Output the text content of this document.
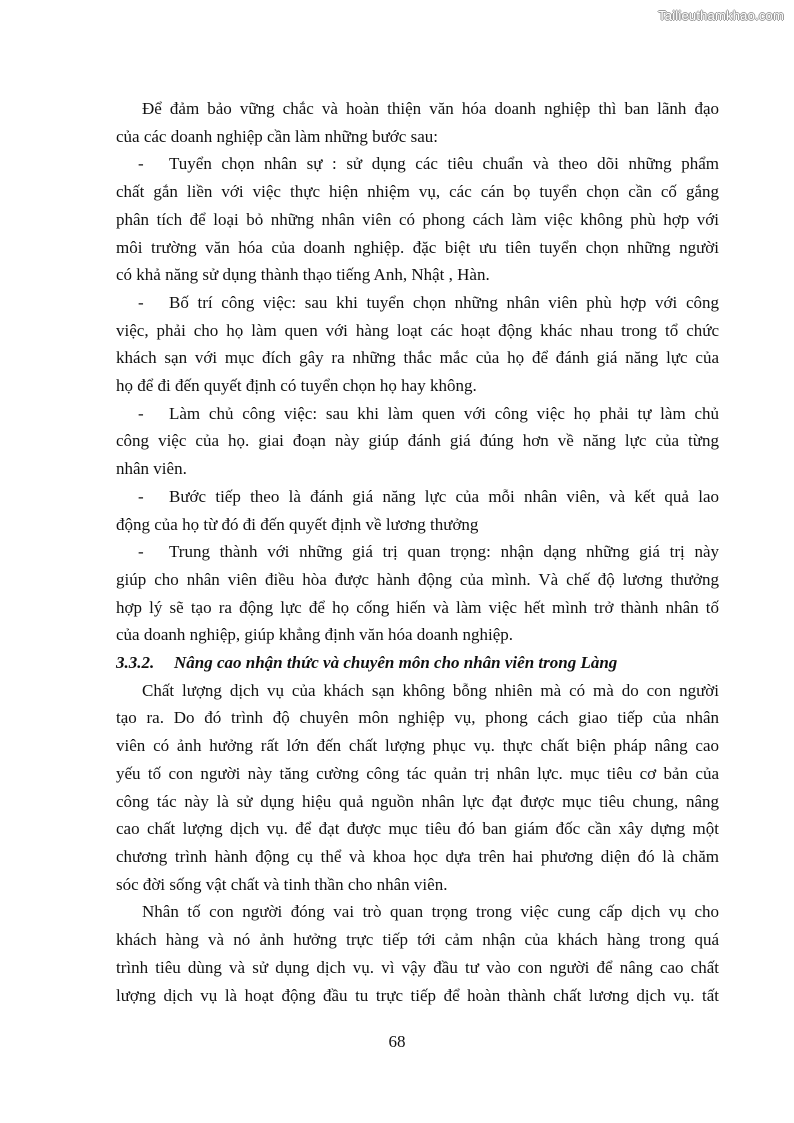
Tailieuthamkhao.com

Để đảm bảo vững chắc và hoàn thiện văn hóa doanh nghiệp thì ban lãnh đạo
của các doanh nghiệp cần làm những bước sau:

-	Tuyển chọn nhân sự : sử dụng các tiêu chuẩn và theo dõi những phẩm
chất gắn liền với việc thực hiện nhiệm vụ, các cán bọ tuyển chọn cần cố gắng
phân tích để loại bỏ những nhân viên có phong cách làm việc không phù hợp với
môi trường văn hóa của doanh nghiệp. đặc biệt ưu tiên tuyển chọn những người
có khả năng sử dụng thành thạo tiếng Anh, Nhật , Hàn.
-	Bố trí công việc: sau khi tuyển chọn những nhân viên phù hợp với công
việc, phải cho họ làm quen với hàng loạt các hoạt động khác nhau trong tổ chức
khách sạn với mục đích gây ra những thắc mắc của họ để đánh giá năng lực của
họ để đi đến quyết định có tuyển chọn họ hay không.
-	Làm chủ công việc: sau khi làm quen với công việc họ phải tự làm chủ
công việc của họ. giai đoạn này giúp đánh giá đúng hơn về năng lực của từng
nhân viên.
-	Bước tiếp theo là đánh giá năng lực của mỗi nhân viên, và kết quả lao
động của họ từ đó đi đến quyết định về lương thưởng
-	Trung thành với những giá trị quan trọng: nhận dạng những giá trị này
giúp cho nhân viên điều hòa được hành động của mình. Và chế độ lương thưởng
hợp lý sẽ tạo ra động lực để họ cống hiến và làm việc hết mình trở thành nhân tố
của doanh nghiệp, giúp khẳng định văn hóa doanh nghiệp.
3.3.2.	Nâng cao nhận thức và chuyên môn cho nhân viên trong Làng

Chất lượng dịch vụ của khách sạn không bỗng nhiên mà có mà do con người
tạo ra. Do đó trình độ chuyên môn nghiệp vụ, phong cách giao tiếp của nhân
viên có ảnh hưởng rất lớn đến chất lượng phục vụ. thực chất biện pháp nâng cao
yếu tố con người này tăng cường công tác quản trị nhân lực. mục tiêu cơ bản của
công tác này là sử dụng hiệu quả nguồn nhân lực đạt được mục tiêu chung, nâng
cao chất lượng dịch vụ. để đạt được mục tiêu đó ban giám đốc cần xây dựng một
chương trình hành động cụ thể và khoa học dựa trên hai phương diện đó là chăm
sóc đời sống vật chất và tinh thần cho nhân viên.

Nhân tố con người đóng vai trò quan trọng trong việc cung cấp dịch vụ cho
khách hàng và nó ảnh hưởng trực tiếp tới cảm nhận của khách hàng trong quá
trình tiêu dùng và sử dụng dịch vụ. vì vậy đầu tư vào con người để nâng cao chất
lượng dịch vụ là hoạt động đầu tu trực tiếp để hoàn thành chất lương dịch vụ. tất

68
